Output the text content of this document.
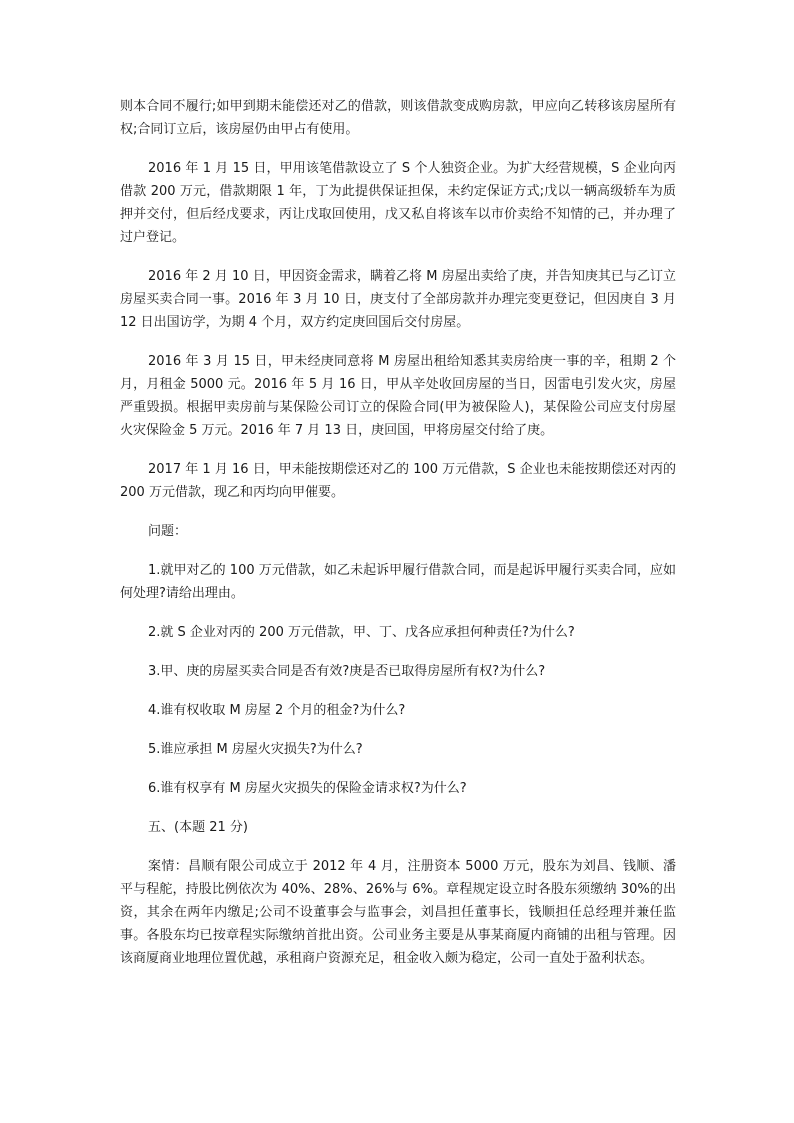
则本合同不履行;如甲到期未能偿还对乙的借款，则该借款变成购房款，甲应向乙转移该房屋所有权;合同订立后，该房屋仍由甲占有使用。

2016 年 1 月 15 日，甲用该笔借款设立了 S 个人独资企业。为扩大经营规模，S 企业向丙借款 200 万元，借款期限 1 年，丁为此提供保证担保，未约定保证方式;戊以一辆高级轿车为质押并交付，但后经戊要求，丙让戊取回使用，戊又私自将该车以市价卖给不知情的己，并办理了过户登记。

2016 年 2 月 10 日，甲因资金需求，瞒着乙将 M 房屋出卖给了庚，并告知庚其已与乙订立房屋买卖合同一事。2016 年 3 月 10 日，庚支付了全部房款并办理完变更登记，但因庚自 3 月 12 日出国访学，为期 4 个月，双方约定庚回国后交付房屋。

2016 年 3 月 15 日，甲未经庚同意将 M 房屋出租给知悉其卖房给庚一事的辛，租期 2 个月，月租金 5000 元。2016 年 5 月 16 日，甲从辛处收回房屋的当日，因雷电引发火灾，房屋严重毁损。根据甲卖房前与某保险公司订立的保险合同(甲为被保险人)，某保险公司应支付房屋火灾保险金 5 万元。2016 年 7 月 13 日，庚回国，甲将房屋交付给了庚。

2017 年 1 月 16 日，甲未能按期偿还对乙的 100 万元借款，S 企业也未能按期偿还对丙的 200 万元借款，现乙和丙均向甲催要。

问题：

1.就甲对乙的 100 万元借款，如乙未起诉甲履行借款合同，而是起诉甲履行买卖合同，应如何处理?请给出理由。

2.就 S 企业对丙的 200 万元借款，甲、丁、戊各应承担何种责任?为什么?

3.甲、庚的房屋买卖合同是否有效?庚是否已取得房屋所有权?为什么?

4.谁有权收取 M 房屋 2 个月的租金?为什么?

5.谁应承担 M 房屋火灾损失?为什么?

6.谁有权享有 M 房屋火灾损失的保险金请求权?为什么?

五、(本题 21 分)

案情：昌顺有限公司成立于 2012 年 4 月，注册资本 5000 万元，股东为刘昌、钱顺、潘平与程舵，持股比例依次为 40%、28%、26%与 6%。章程规定设立时各股东须缴纳 30%的出资，其余在两年内缴足;公司不设董事会与监事会，刘昌担任董事长，钱顺担任总经理并兼任监事。各股东均已按章程实际缴纳首批出资。公司业务主要是从事某商厦内商铺的出租与管理。因该商厦商业地理位置优越，承租商户资源充足，租金收入颇为稳定，公司一直处于盈利状态。
